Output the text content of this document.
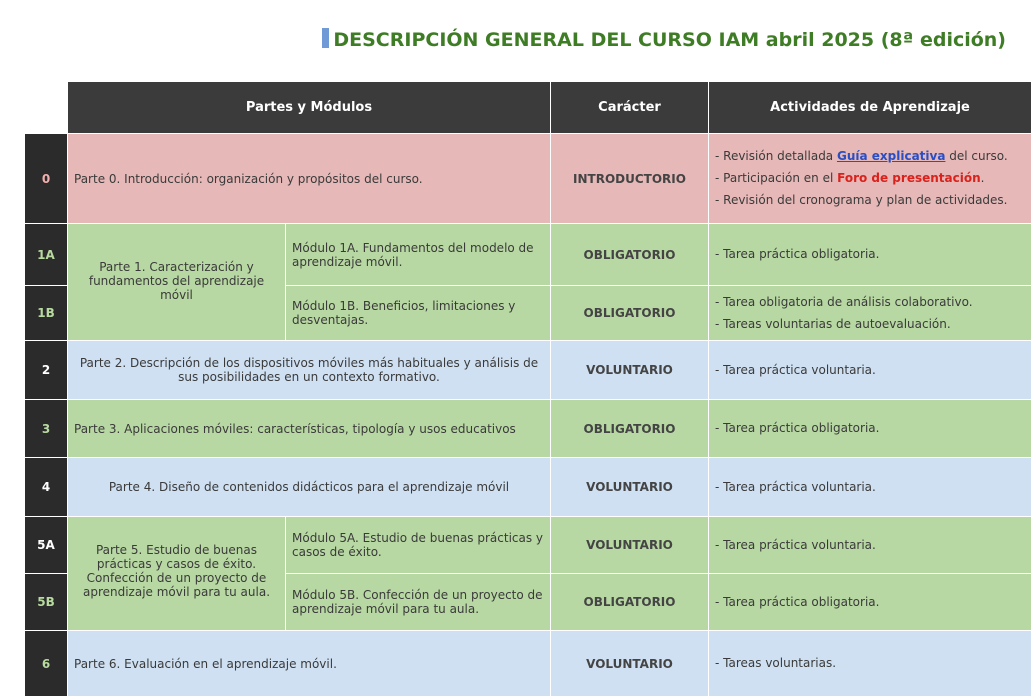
DESCRIPCIÓN GENERAL DEL CURSO IAM abril 2025 (8ª edición)
	Partes y Módulos		Carácter	Actividades de Aprendizaje
0	Parte 0. Introducción: organización y propósitos del curso.		INTRODUCTORIO	- Revisión detallada Guía explicativa del curso.
- Participación en el Foro de presentación.
- Revisión del cronograma y plan de actividades.

1A	Parte 1. Caracterización y fundamentos del aprendizaje móvil	Módulo 1A. Fundamentos del modelo de aprendizaje móvil.	OBLIGATORIO	- Tarea práctica obligatoria.

1B		Módulo 1B. Beneficios, limitaciones y desventajas.	OBLIGATORIO	- Tarea obligatoria de análisis colaborativo.
- Tareas voluntarias de autoevaluación.

2	Parte 2. Descripción de los dispositivos móviles más habituales y análisis de sus posibilidades en un contexto formativo.		VOLUNTARIO	- Tarea práctica voluntaria.

3	Parte 3. Aplicaciones móviles: características, tipología y usos educativos		OBLIGATORIO	- Tarea práctica obligatoria.

4	Parte 4. Diseño de contenidos didácticos para el aprendizaje móvil		VOLUNTARIO	- Tarea práctica voluntaria.

5A	Parte 5. Estudio de buenas prácticas y casos de éxito. Confección de un proyecto de aprendizaje móvil para tu aula.	Módulo 5A. Estudio de buenas prácticas y casos de éxito.	VOLUNTARIO	- Tarea práctica voluntaria.

5B		Módulo 5B. Confección de un proyecto de aprendizaje móvil para tu aula.	OBLIGATORIO	- Tarea práctica obligatoria.

6	Parte 6. Evaluación en el aprendizaje móvil.		VOLUNTARIO	- Tareas voluntarias.
